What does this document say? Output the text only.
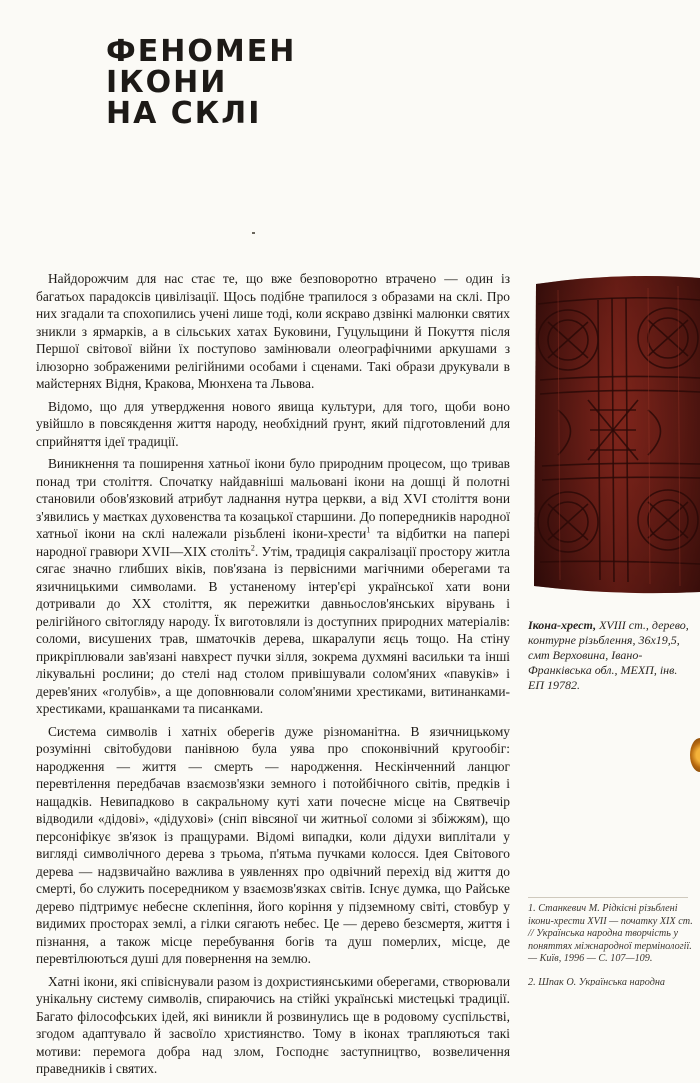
ФЕНОМЕН
ІКОНИ
НА СКЛІ

Найдорожчим для нас стає те, що вже безповоротно втрачено — один із багатьох парадоксів цивілізації. Щось подібне трапилося з образами на склі. Про них згадали та спохопились учені лише тоді, коли яскраво дзвінкі малюнки святих зникли з ярмарків, а в сільських хатах Буковини, Гуцульщини й Покуття після Першої світової війни їх поступово замінювали олеографічними аркушами з ілюзорно зображеними релігійними особами і сценами. Такі образи друкували в майстернях Відня, Кракова, Мюнхена та Львова.

Відомо, що для утвердження нового явища культури, для того, щоби воно увійшло в повсякдення життя народу, необхідний ґрунт, який підготовлений для сприйняття ідеї традиції.

Виникнення та поширення хатньої ікони було природним процесом, що тривав понад три століття. Спочатку найдавніші мальовані ікони на дошці й полотні становили обов'язковий атрибут ладнання нутра церкви, а від XVI століття вони з'явились у маєтках духовенства та козацької старшини. До попередників народної хатньої ікони на склі належали різьблені ікони-хрести$^1$ та відбитки на папері народної гравюри XVII—XIX століть$^2$. Утім, традиція сакралізації простору житла сягає значно глибших віків, пов'язана із первісними магічними оберегами та язичницькими символами. В устаненому інтер'єрі української хати вони дотривали до XX століття, як пережитки давньослов'янських вірувань і релігійного світогляду народу. Їх виготовляли із доступних природних матеріалів: соломи, висушених трав, шматочків дерева, шкаралупи яєць тощо. На стіну прикріплювали зав'язані навхрест пучки зілля, зокрема духмяні васильки та інші лікувальні рослини; до стелі над столом привішували солом'яних «павуків» і дерев'яних «голубів», а ще доповнювали солом'яними хрестиками, витинанками-хрестиками, крашанками та писанками.

Система символів і хатніх оберегів дуже різноманітна. В язичницькому розумінні світобудови панівною була уява про споконвічний кругообіг: народження — життя — смерть — народження. Нескінченний ланцюг перевтілення передбачав взаємозв'язки земного і потойбічного світів, предків і нащадків. Невипадково в сакральному куті хати почесне місце на Святвечір відводили «дідові», «дідухові» (сніп вівсяної чи житньої соломи зі збіжжям), що персоніфікує зв'язок із пращурами. Відомі випадки, коли дідухи виплітали у вигляді символічного дерева з трьома, п'ятьма пучками колосся. Ідея Світового дерева — надзвичайно важлива в уявленнях про одвічний перехід від життя до смерті, бо служить посередником у взаємозв'язках світів. Існує думка, що Райське дерево підтримує небесне склепіння, його коріння у підземному світі, стовбур у видимих просторах землі, а гілки сягають небес. Це — дерево безсмертя, життя і пізнання, а також місце перебування богів та душ померлих, місце, де перевтілюються душі для повернення на землю.

Хатні ікони, які співіснували разом із дохристиянськими оберегами, створювали унікальну систему символів, спираючись на стійкі українські мистецькі традиції. Багато філософських ідей, які виникли й розвинулись ще в родовому суспільстві, згодом адаптувало й засвоїло християнство. Тому в іконах трапляються такі мотиви: перемога добра над злом, Господнє заступництво, возвеличення праведників і святих.

Ікона-хрест, XVIII ст., дерево, контурне різьблення, 36х19,5, смт Верховина, Івано-Франківська обл., МЕХП, інв. ЕП 19782.

1. Станкевич М. Рідкісні різьблені ікони-хрести XVII — початку XIX ст. // Українська народна творчість у поняттях міжнародної термінології. — Київ, 1996 — С. 107—109.

2. Шпак О. Українська народна
